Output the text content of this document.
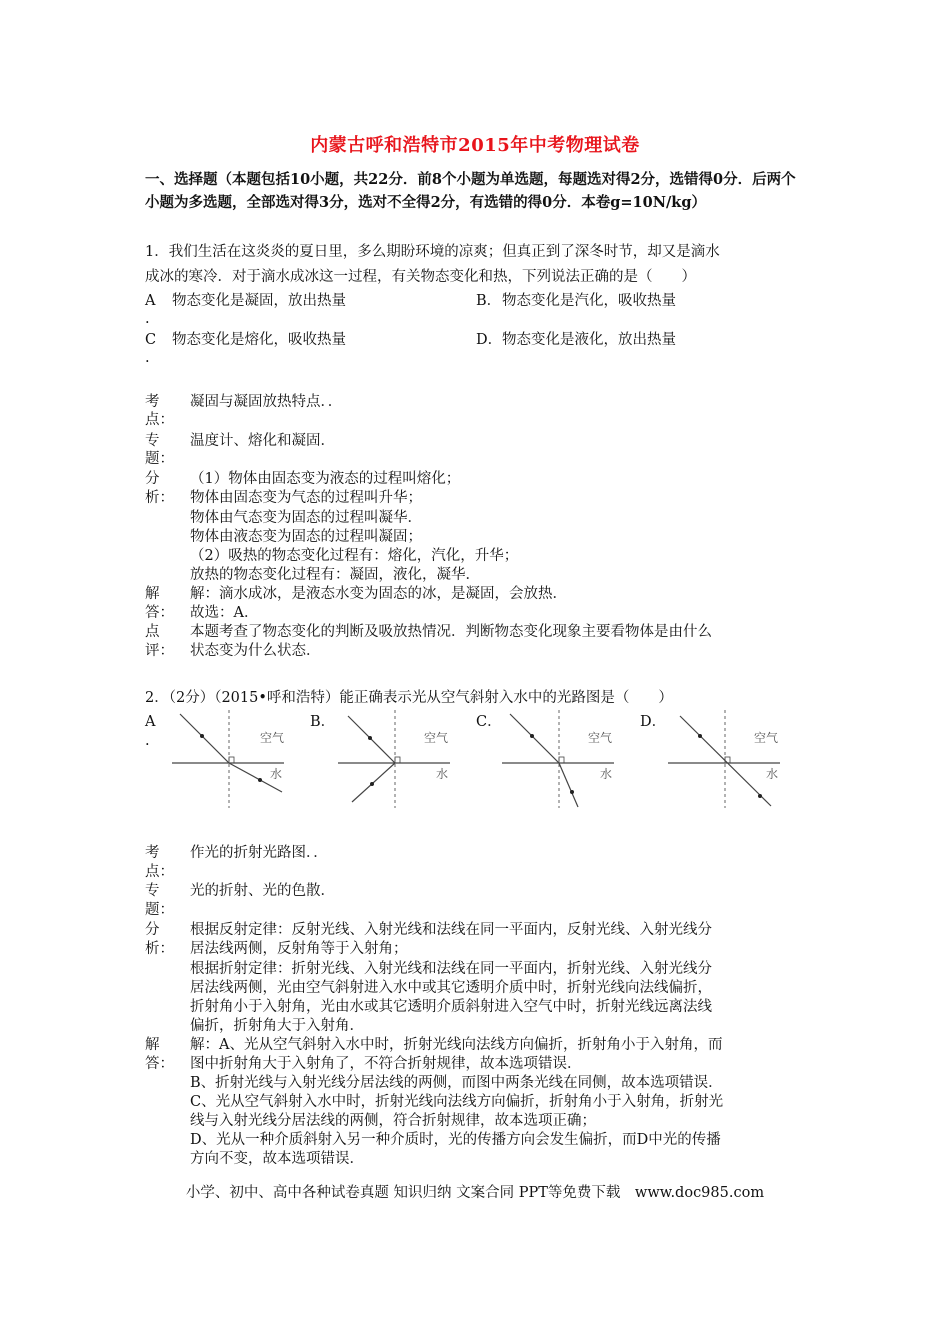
内蒙古呼和浩特市2015年中考物理试卷
一、选择题（本题包括10小题，共22分．前8个小题为单选题，每题选对得2分，选错得0分．后两个小题为多选题，全部选对得3分，选对不全得2分，有选错的得0分．本卷g=10N/kg）
1．我们生活在这炎炎的夏日里，多么期盼环境的凉爽；但真正到了深冬时节，却又是滴水
成冰的寒冷．对于滴水成冰这一过程，有关物态变化和热，下列说法正确的是（　　）
A
.
物态变化是凝固，放出热量	B． 物态变化是汽化，吸收热量
C
.
物态变化是熔化，吸收热量	D． 物态变化是液化，放出热量
考
点：
凝固与凝固放热特点．．
专
题：
温度计、熔化和凝固．
分
析：
（1）物体由固态变为液态的过程叫熔化；
物体由固态变为气态的过程叫升华；
物体由气态变为固态的过程叫凝华．
物体由液态变为固态的过程叫凝固；
（2）吸热的物态变化过程有：熔化，汽化，升华；
放热的物态变化过程有：凝固，液化，凝华．
解
答：
解：滴水成冰，是液态水变为固态的冰，是凝固，会放热．
故选：A．
点
评：
本题考查了物态变化的判断及吸放热情况．判断物态变化现象主要看物体是由什么
状态变为什么状态．
2．（2分）（2015•呼和浩特）能正确表示光从空气斜射入水中的光路图是（　　）
A
.
B．	C．	D．
空气
水
空气
水
空气
水
空气
水
考
点：
作光的折射光路图．．
专
题：
光的折射、光的色散．
分
析：
根据反射定律：反射光线、入射光线和法线在同一平面内，反射光线、入射光线分
居法线两侧，反射角等于入射角；
根据折射定律：折射光线、入射光线和法线在同一平面内，折射光线、入射光线分
居法线两侧，光由空气斜射进入水中或其它透明介质中时，折射光线向法线偏折，
折射角小于入射角，光由水或其它透明介质斜射进入空气中时，折射光线远离法线
偏折，折射角大于入射角．
解
答：
解：A、光从空气斜射入水中时，折射光线向法线方向偏折，折射角小于入射角，而
图中折射角大于入射角了，不符合折射规律，故本选项错误．
B、折射光线与入射光线分居法线的两侧，而图中两条光线在同侧，故本选项错误．
C、光从空气斜射入水中时，折射光线向法线方向偏折，折射角小于入射角，折射光
线与入射光线分居法线的两侧，符合折射规律，故本选项正确；
D、光从一种介质斜射入另一种介质时，光的传播方向会发生偏折，而D中光的传播
方向不变，故本选项错误．
小学、初中、高中各种试卷真题 知识归纳 文案合同 PPT等免费下载　www.doc985.com
